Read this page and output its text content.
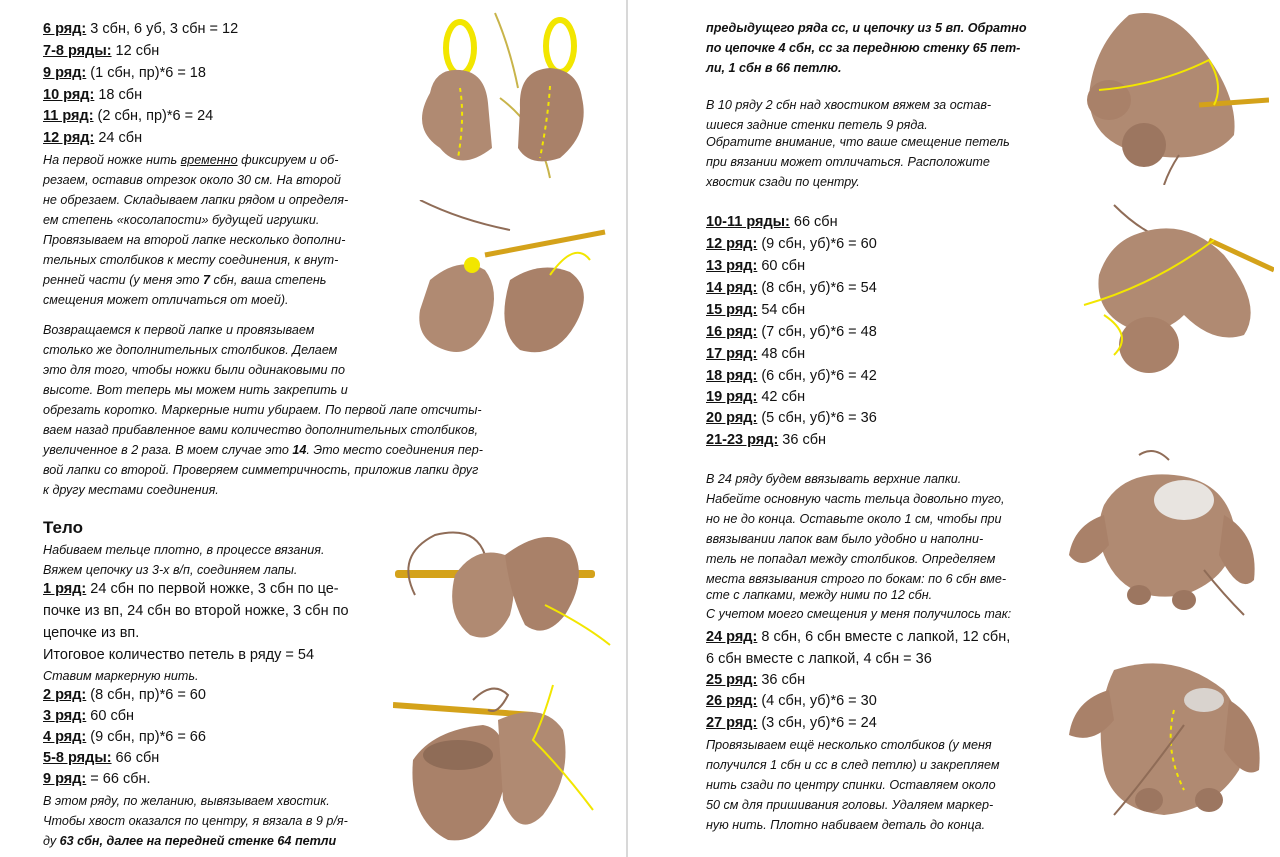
6 ряд: 3 сбн, 6 уб, 3 сбн = 12
7-8 ряды: 12 сбн
9 ряд: (1 сбн, пр)*6 = 18
10 ряд: 18 сбн
11 ряд: (2 сбн, пр)*6 = 24
12 ряд: 24 сбн
На первой ножке нить временно фиксируем и об-
резаем, оставив отрезок около 30 см. На второй
не обрезаем. Складываем лапки рядом и определя-
ем степень «косолапости» будущей игрушки.
Провязываем на второй лапке несколько дополни-
тельных столбиков к месту соединения, к внут-
ренней части (у меня это 7 сбн, ваша степень
смещения может отличаться от моей).
Возвращаемся к первой лапке и провязываем
столько же дополнительных столбиков. Делаем
это для того, чтобы ножки были одинаковыми по
высоте. Вот теперь мы можем нить закрепить и
обрезать коротко. Маркерные нити убираем. По первой лапе отсчиты-
ваем назад прибавленное вами количество дополнительных столбиков,
увеличенное в 2 раза. В моем случае это 14. Это место соединения пер-
вой лапки со второй. Проверяем симметричность, приложив лапки друг
к другу местами соединения.
Тело
Набиваем тельце плотно, в процессе вязания.
Вяжем цепочку из 3-х в/п, соединяем лапы.
1 ряд: 24 сбн по первой ножке, 3 сбн по це-
почке из вп, 24 сбн во второй ножке, 3 сбн по
цепочке из вп.
Итоговое количество петель в ряду = 54
Ставим маркерную нить.
2 ряд: (8 сбн, пр)*6 = 60
3 ряд: 60 сбн
4 ряд: (9 сбн, пр)*6 = 66
5-8 ряды: 66 сбн
9 ряд: = 66 сбн.
В этом ряду, по желанию, вывязываем хвостик.
Чтобы хвост оказался по центру, я вязала в 9 р/я-
ду 63 сбн, далее на передней стенке 64 петли
предыдущего ряда сс, и цепочку из 5 вп. Обратно
по цепочке 4 сбн, сс за переднюю стенку 65 пет-
ли, 1 сбн в 66 петлю.
В 10 ряду 2 сбн над хвостиком вяжем за остав-
шиеся задние стенки петель 9 ряда.
Обратите внимание, что ваше смещение петель
при вязании может отличаться. Расположите
хвостик сзади по центру.
10-11 ряды: 66 сбн
12 ряд: (9 сбн, уб)*6 = 60
13 ряд: 60 сбн
14 ряд: (8 сбн, уб)*6 = 54
15 ряд: 54 сбн
16 ряд: (7 сбн, уб)*6 = 48
17 ряд: 48 сбн
18 ряд: (6 сбн, уб)*6 = 42
19 ряд: 42 сбн
20 ряд: (5 сбн, уб)*6 = 36
21-23 ряд: 36 сбн
В 24 ряду будем ввязывать верхние лапки.
Набейте основную часть тельца довольно туго,
но не до конца. Оставьте около 1 см, чтобы при
ввязывании лапок вам было удобно и наполни-
тель не попадал между столбиков. Определяем
места ввязывания строго по бокам: по 6 сбн вме-
сте с лапками, между ними по 12 сбн.
С учетом моего смещения у меня получилось так:
24 ряд: 8 сбн, 6 сбн вместе с лапкой, 12 сбн,
6 сбн вместе с лапкой, 4 сбн = 36
25 ряд: 36 сбн
26 ряд: (4 сбн, уб)*6 = 30
27 ряд: (3 сбн, уб)*6 = 24
Провязываем ещё несколько столбиков (у меня
получился 1 сбн и сс в след петлю) и закрепляем
нить сзади по центру спинки. Оставляем около
50 см для пришивания головы. Удаляем маркер-
ную нить. Плотно набиваем деталь до конца.
